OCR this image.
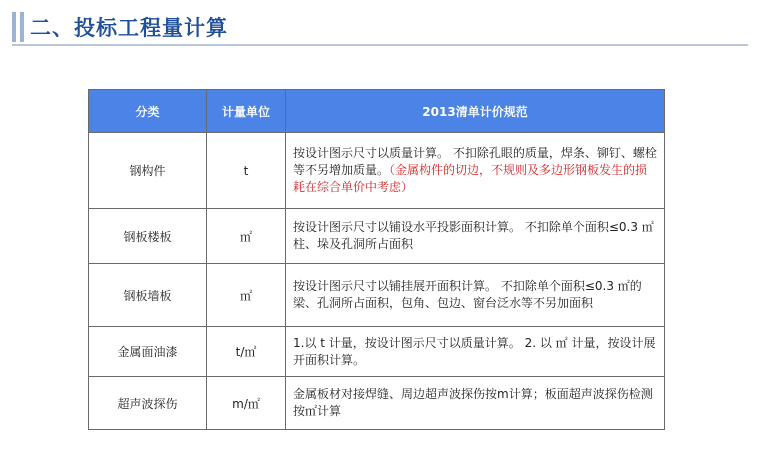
二、投标工程量计算
分类	计量单位	2013清单计价规范
钢构件	t	按设计图示尺寸以质量计算。 不扣除孔眼的质量，焊条、铆钉、螺栓等不另增加质量。（金属构件的切边，不规则及多边形钢板发生的损耗在综合单价中考虑）
钢板楼板	㎡	按设计图示尺寸以铺设水平投影面积计算。 不扣除单个面积≤0.3 ㎡柱、垛及孔洞所占面积
钢板墙板	㎡	按设计图示尺寸以铺挂展开面积计算。 不扣除单个面积≤0.3 ㎡的梁、孔洞所占面积，包角、包边、窗台泛水等不另加面积
金属面油漆	t/㎡	1.以 t 计量，按设计图示尺寸以质量计算。 2. 以 ㎡ 计量，按设计展开面积计算。
超声波探伤	m/㎡	金属板材对接焊缝、周边超声波探伤按m计算；板面超声波探伤检测按㎡计算
